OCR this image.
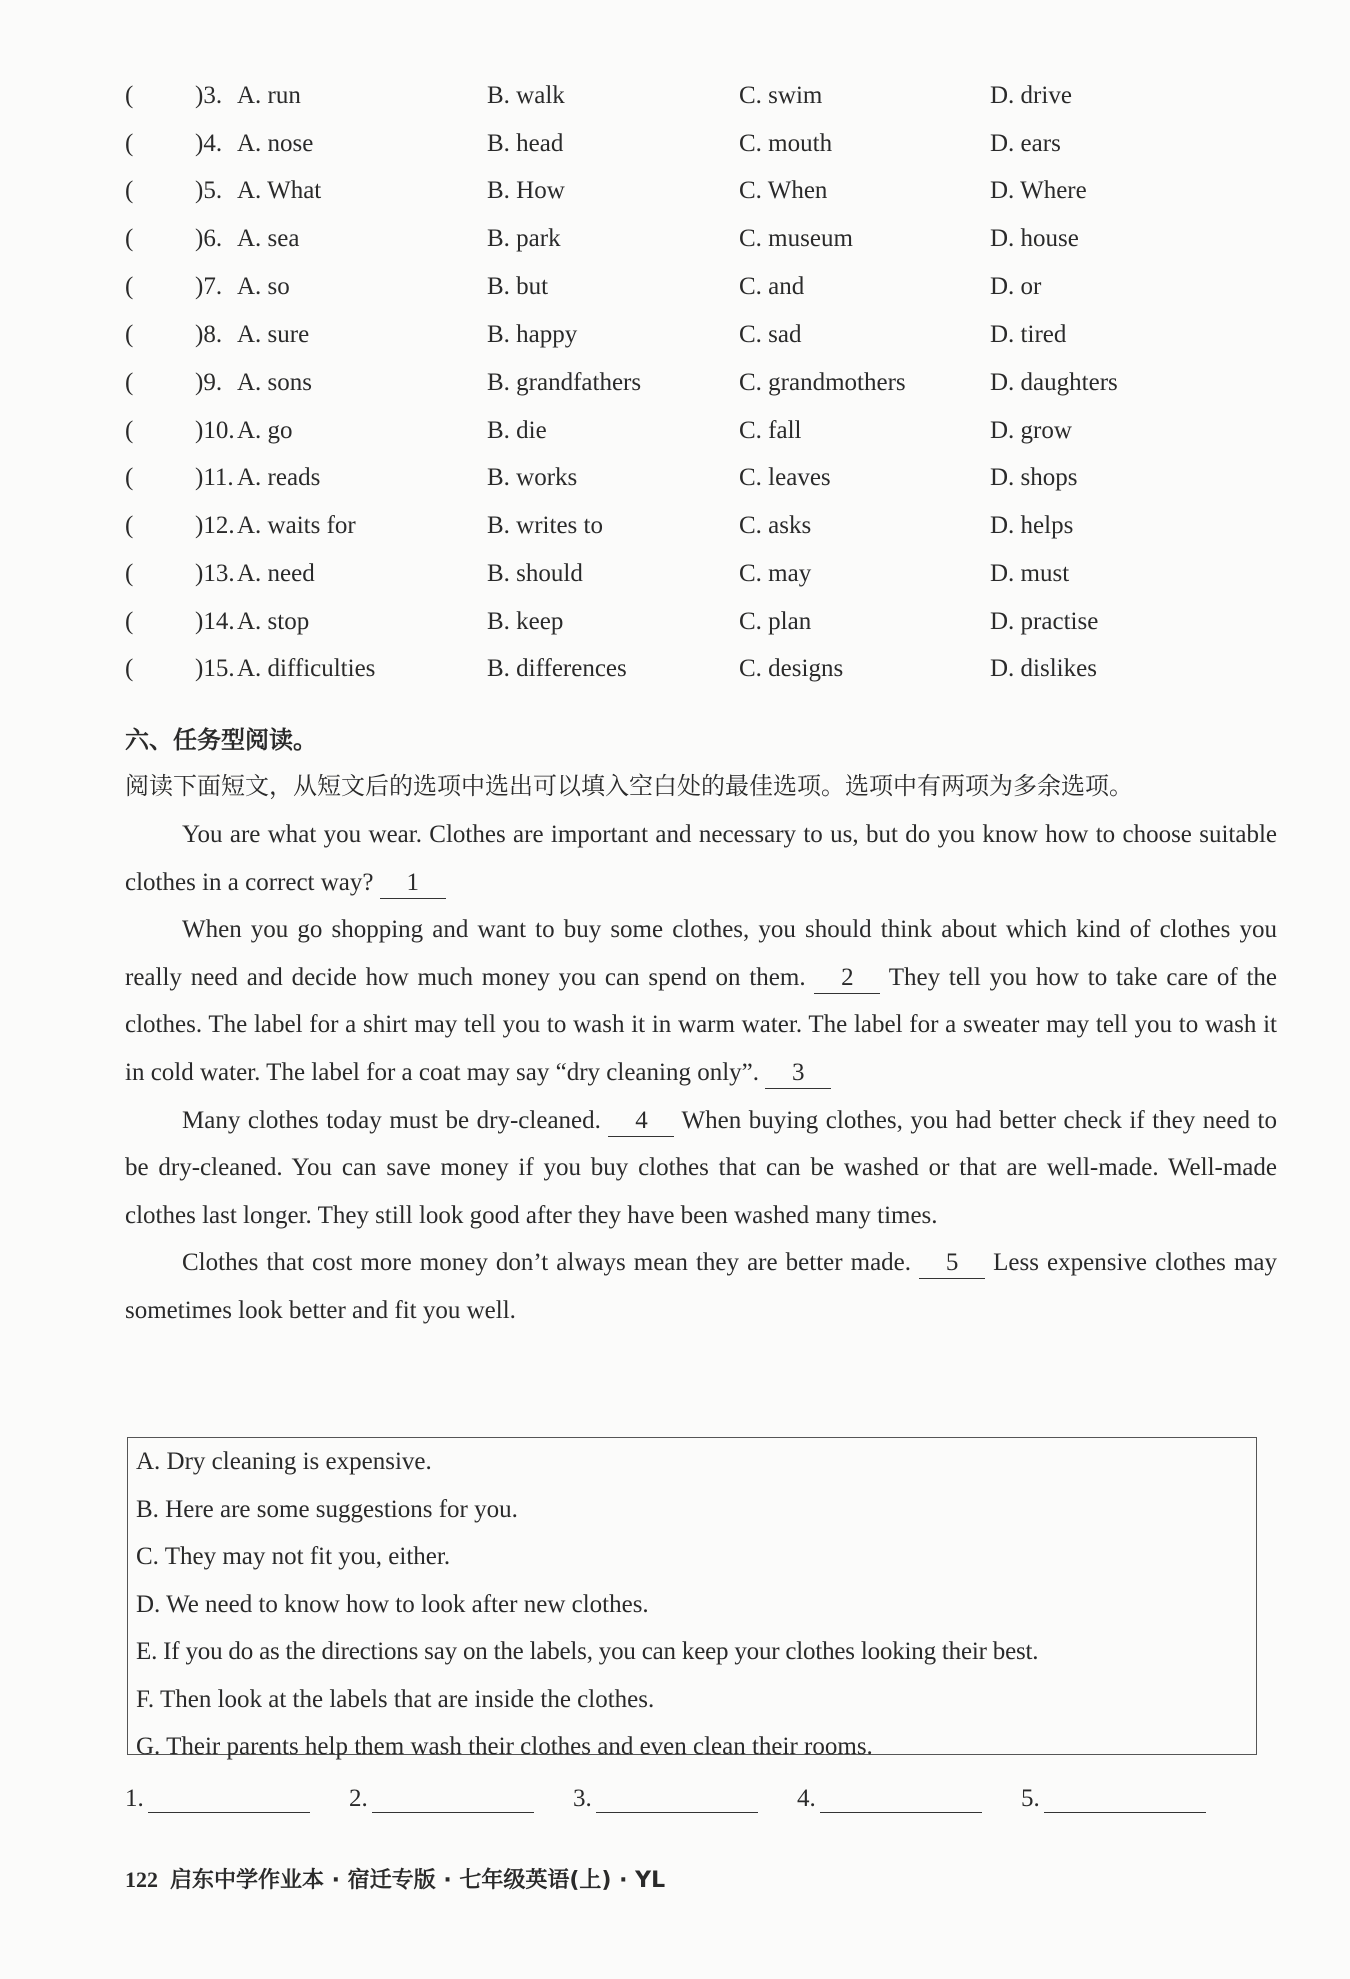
( )3. A. run	B. walk	C. swim	D. drive
( )4. A. nose	B. head	C. mouth	D. ears
( )5. A. What	B. How	C. When	D. Where
( )6. A. sea	B. park	C. museum	D. house
( )7. A. so	B. but	C. and	D. or
( )8. A. sure	B. happy	C. sad	D. tired
( )9. A. sons	B. grandfathers	C. grandmothers	D. daughters
( )10. A. go	B. die	C. fall	D. grow
( )11. A. reads	B. works	C. leaves	D. shops
( )12. A. waits for	B. writes to	C. asks	D. helps
( )13. A. need	B. should	C. may	D. must
( )14. A. stop	B. keep	C. plan	D. practise
( )15. A. difficulties	B. differences	C. designs	D. dislikes
六、任务型阅读。
阅读下面短文，从短文后的选项中选出可以填入空白处的最佳选项。选项中有两项为多余选项。

You are what you wear. Clothes are important and necessary to us, but do you know how to choose suitable clothes in a correct way? 1

When you go shopping and want to buy some clothes, you should think about which kind of clothes you really need and decide how much money you can spend on them. 2 They tell you how to take care of the clothes. The label for a shirt may tell you to wash it in warm water. The label for a sweater may tell you to wash it in cold water. The label for a coat may say “dry cleaning only”. 3

Many clothes today must be dry-cleaned. 4 When buying clothes, you had better check if they need to be dry-cleaned. You can save money if you buy clothes that can be washed or that are well-made. Well-made clothes last longer. They still look good after they have been washed many times.

Clothes that cost more money don’t always mean they are better made. 5 Less expensive clothes may sometimes look better and fit you well.

A. Dry cleaning is expensive.
B. Here are some suggestions for you.
C. They may not fit you, either.
D. We need to know how to look after new clothes.
E. If you do as the directions say on the labels, you can keep your clothes looking their best.
F. Then look at the labels that are inside the clothes.
G. Their parents help them wash their clothes and even clean their rooms.
1.	2.	3.	4.	5.
122 启东中学作业本 · 宿迁专版 · 七年级英语(上) · YL
